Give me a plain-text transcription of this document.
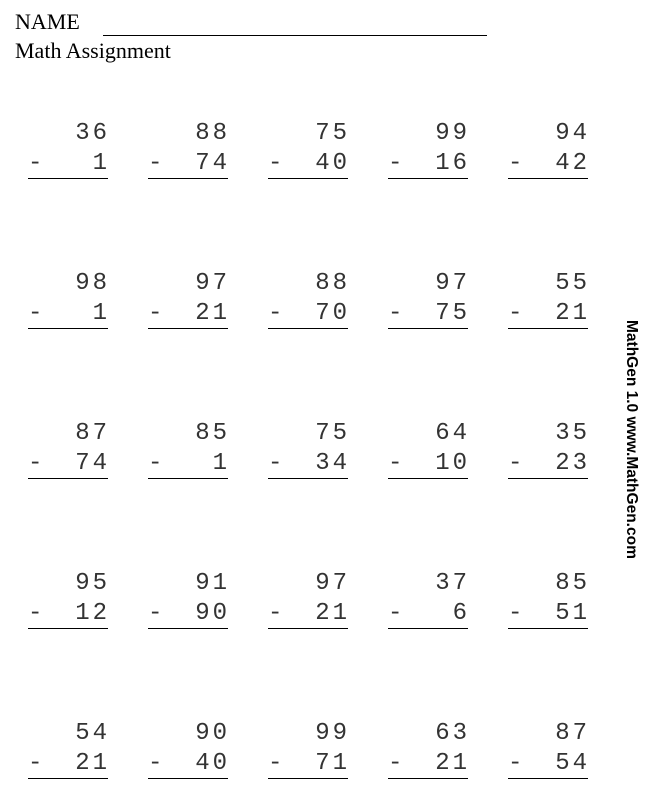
NAME
Math Assignment
36
- 1
88
- 74
75
- 40
99
- 16
94
- 42
98
- 1
97
- 21
88
- 70
97
- 75
55
- 21
87
- 74
85
- 1
75
- 34
64
- 10
35
- 23
95
- 12
91
- 90
97
- 21
37
- 6
85
- 51
54
- 21
90
- 40
99
- 71
63
- 21
87
- 54
MathGen 1.0 www.MathGen.com
